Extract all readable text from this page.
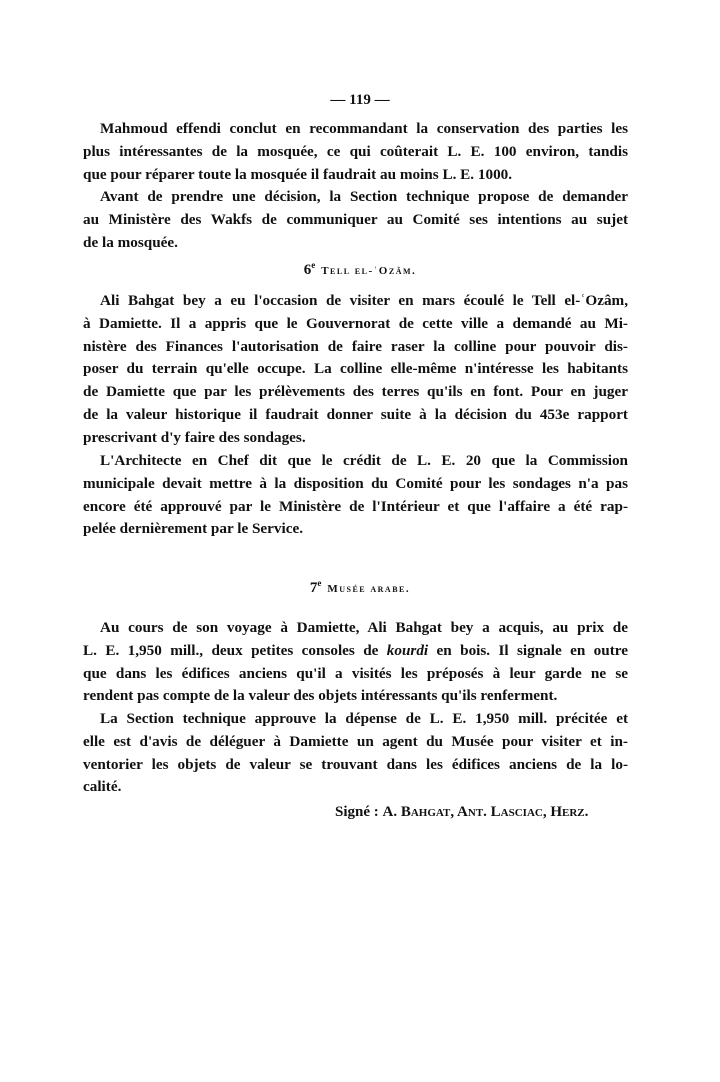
— 119 —
Mahmoud effendi conclut en recommandant la conservation des parties les
plus intéressantes de la mosquée, ce qui coûterait L. E. 100 environ, tandis
que pour réparer toute la mosquée il faudrait au moins L. E. 1000.
Avant de prendre une décision, la Section technique propose de demander
au Ministère des Wakfs de communiquer au Comité ses intentions au sujet
de la mosquée.
6e Tell el-ʿOzâm.
Ali Bahgat bey a eu l'occasion de visiter en mars écoulé le Tell el-ʿOzâm,
à Damiette. Il a appris que le Gouvernorat de cette ville a demandé au Mi-
nistère des Finances l'autorisation de faire raser la colline pour pouvoir dis-
poser du terrain qu'elle occupe. La colline elle-même n'intéresse les habitants
de Damiette que par les prélèvements des terres qu'ils en font. Pour en juger
de la valeur historique il faudrait donner suite à la décision du 453e rapport
prescrivant d'y faire des sondages.
L'Architecte en Chef dit que le crédit de L. E. 20 que la Commission
municipale devait mettre à la disposition du Comité pour les sondages n'a pas
encore été approuvé par le Ministère de l'Intérieur et que l'affaire a été rap-
pelée dernièrement par le Service.
7e Musée arabe.
Au cours de son voyage à Damiette, Ali Bahgat bey a acquis, au prix de
L. E. 1,950 mill., deux petites consoles de kourdi en bois. Il signale en outre
que dans les édifices anciens qu'il a visités les préposés à leur garde ne se
rendent pas compte de la valeur des objets intéressants qu'ils renferment.
La Section technique approuve la dépense de L. E. 1,950 mill. précitée et
elle est d'avis de déléguer à Damiette un agent du Musée pour visiter et in-
ventorier les objets de valeur se trouvant dans les édifices anciens de la lo-
calité.
Signé : A. Bahgat, Ant. Lasciac, Herz.
